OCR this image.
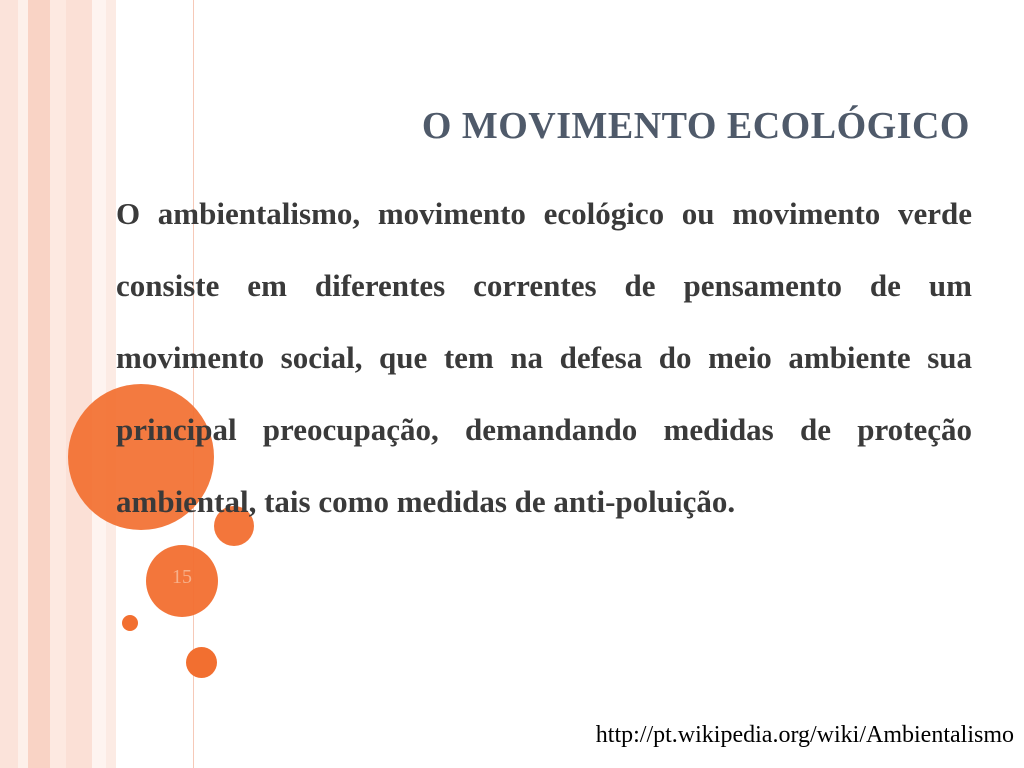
O MOVIMENTO ECOLÓGICO

O ambientalismo, movimento ecológico ou movimento verde consiste em diferentes correntes de pensamento de um movimento social, que tem na defesa do meio ambiente sua principal preocupação, demandando medidas de proteção ambiental, tais como medidas de anti-poluição.

15
http://pt.wikipedia.org/wiki/Ambientalismo
